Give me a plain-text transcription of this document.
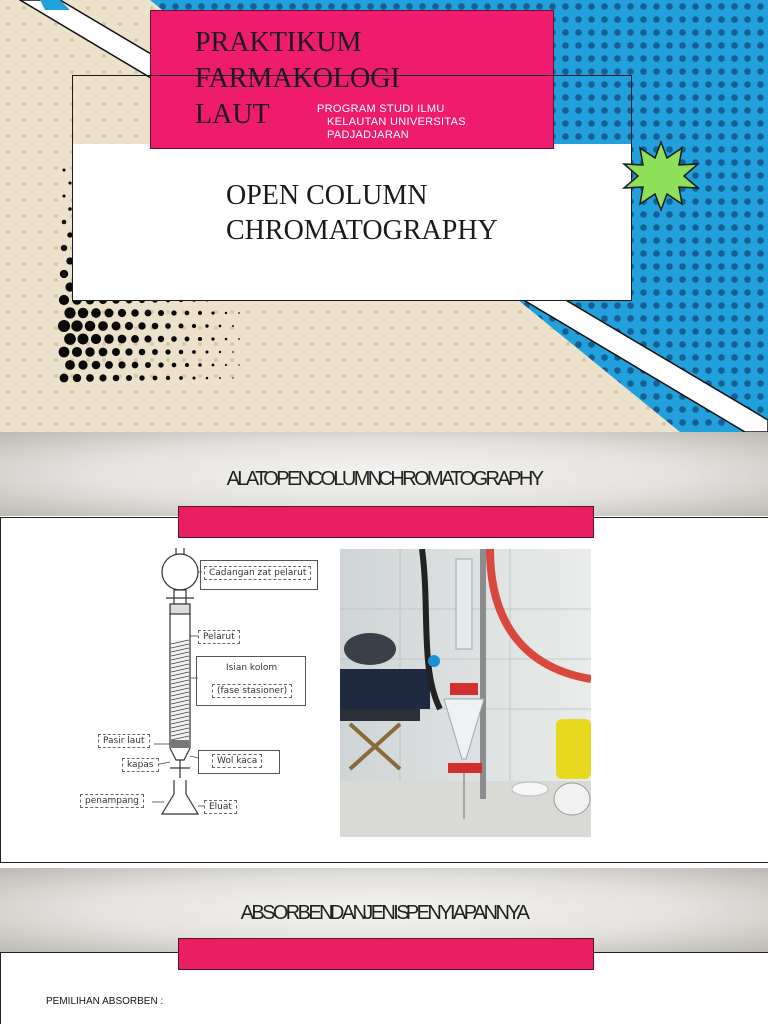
PRAKTIKUM
FARMAKOLOGI
LAUT	PROGRAM STUDI ILMU
KELAUTAN UNIVERSITAS
PADJADJARAN
OPEN COLUMN
CHROMATOGRAPHY
ALAT OPEN COLUMN CHROMATOGRAPHY
Cadangan zat pelarut
Pelarut
Isian kolom
(fase stasioner)
Pasir laut
kapas	Wol kaca
penampang
Eluat
ABSORBEN DAN JENIS PENYIAPANNYA
PEMILIHAN ABSORBEN :
